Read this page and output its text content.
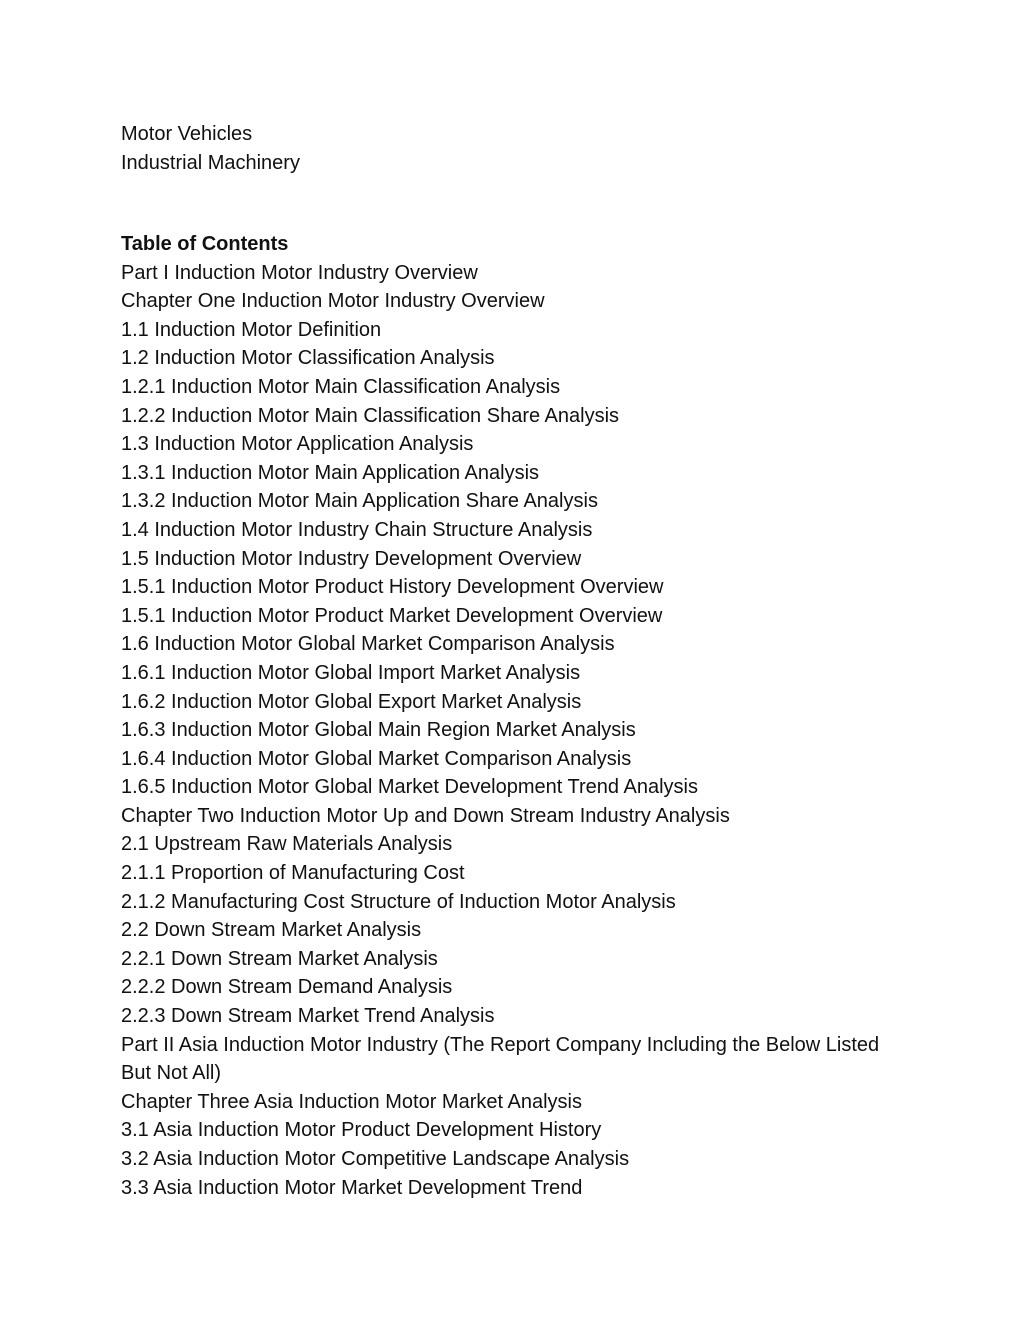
Motor Vehicles
Industrial Machinery
Table of Contents
Part I Induction Motor Industry Overview
Chapter One Induction Motor Industry Overview
1.1 Induction Motor Definition
1.2 Induction Motor Classification Analysis
1.2.1 Induction Motor Main Classification Analysis
1.2.2 Induction Motor Main Classification Share Analysis
1.3 Induction Motor Application Analysis
1.3.1 Induction Motor Main Application Analysis
1.3.2 Induction Motor Main Application Share Analysis
1.4 Induction Motor Industry Chain Structure Analysis
1.5 Induction Motor Industry Development Overview
1.5.1 Induction Motor Product History Development Overview
1.5.1 Induction Motor Product Market Development Overview
1.6 Induction Motor Global Market Comparison Analysis
1.6.1 Induction Motor Global Import Market Analysis
1.6.2 Induction Motor Global Export Market Analysis
1.6.3 Induction Motor Global Main Region Market Analysis
1.6.4 Induction Motor Global Market Comparison Analysis
1.6.5 Induction Motor Global Market Development Trend Analysis
Chapter Two Induction Motor Up and Down Stream Industry Analysis
2.1 Upstream Raw Materials Analysis
2.1.1 Proportion of Manufacturing Cost
2.1.2 Manufacturing Cost Structure of Induction Motor Analysis
2.2 Down Stream Market Analysis
2.2.1 Down Stream Market Analysis
2.2.2 Down Stream Demand Analysis
2.2.3 Down Stream Market Trend Analysis
Part II Asia Induction Motor Industry (The Report Company Including the Below Listed But Not All)
Chapter Three Asia Induction Motor Market Analysis
3.1 Asia Induction Motor Product Development History
3.2 Asia Induction Motor Competitive Landscape Analysis
3.3 Asia Induction Motor Market Development Trend
